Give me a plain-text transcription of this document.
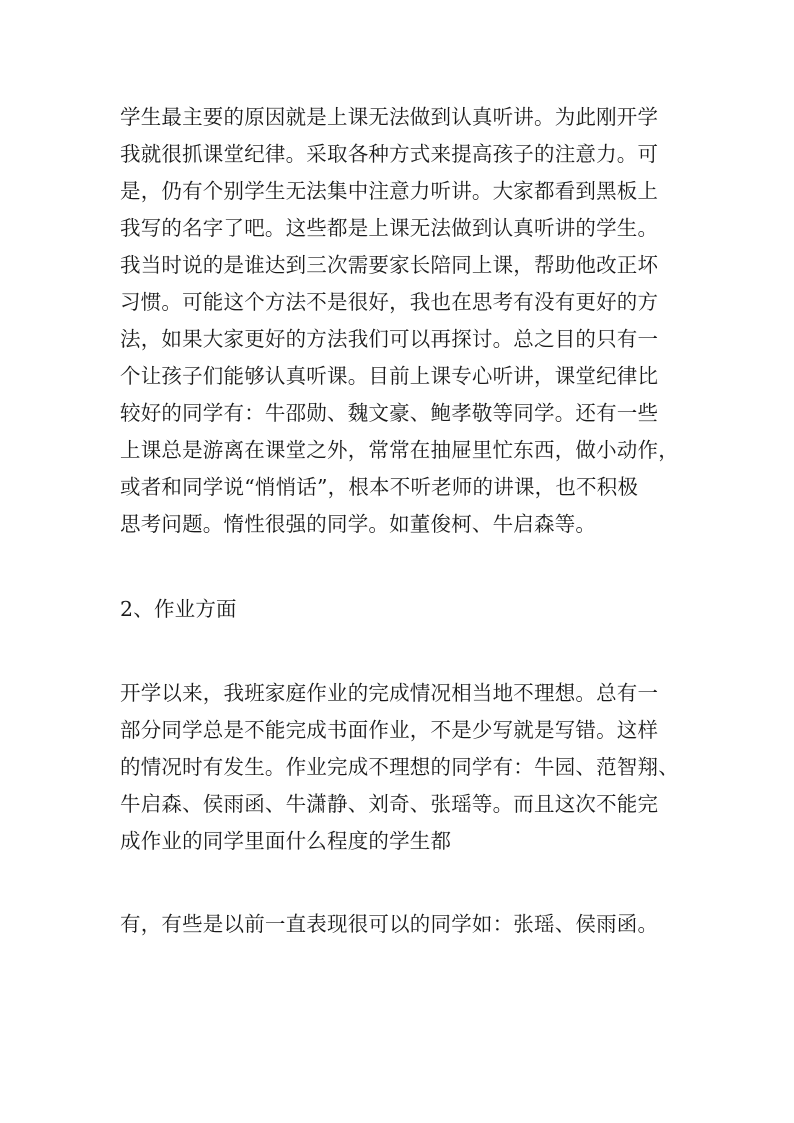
学生最主要的原因就是上课无法做到认真听讲。为此刚开学
我就很抓课堂纪律。采取各种方式来提高孩子的注意力。可
是，仍有个别学生无法集中注意力听讲。大家都看到黑板上
我写的名字了吧。这些都是上课无法做到认真听讲的学生。
我当时说的是谁达到三次需要家长陪同上课，帮助他改正坏
习惯。可能这个方法不是很好，我也在思考有没有更好的方
法，如果大家更好的方法我们可以再探讨。总之目的只有一
个让孩子们能够认真听课。目前上课专心听讲，课堂纪律比
较好的同学有：牛邵勋、魏文豪、鲍孝敬等同学。还有一些
上课总是游离在课堂之外，常常在抽屉里忙东西，做小动作，
或者和同学说“悄悄话”，根本不听老师的讲课，也不积极
思考问题。惰性很强的同学。如董俊柯、牛启森等。
2、作业方面
开学以来，我班家庭作业的完成情况相当地不理想。总有一
部分同学总是不能完成书面作业，不是少写就是写错。这样
的情况时有发生。作业完成不理想的同学有：牛园、范智翔、
牛启森、侯雨函、牛潇静、刘奇、张瑶等。而且这次不能完
成作业的同学里面什么程度的学生都
有，有些是以前一直表现很可以的同学如：张瑶、侯雨函。
